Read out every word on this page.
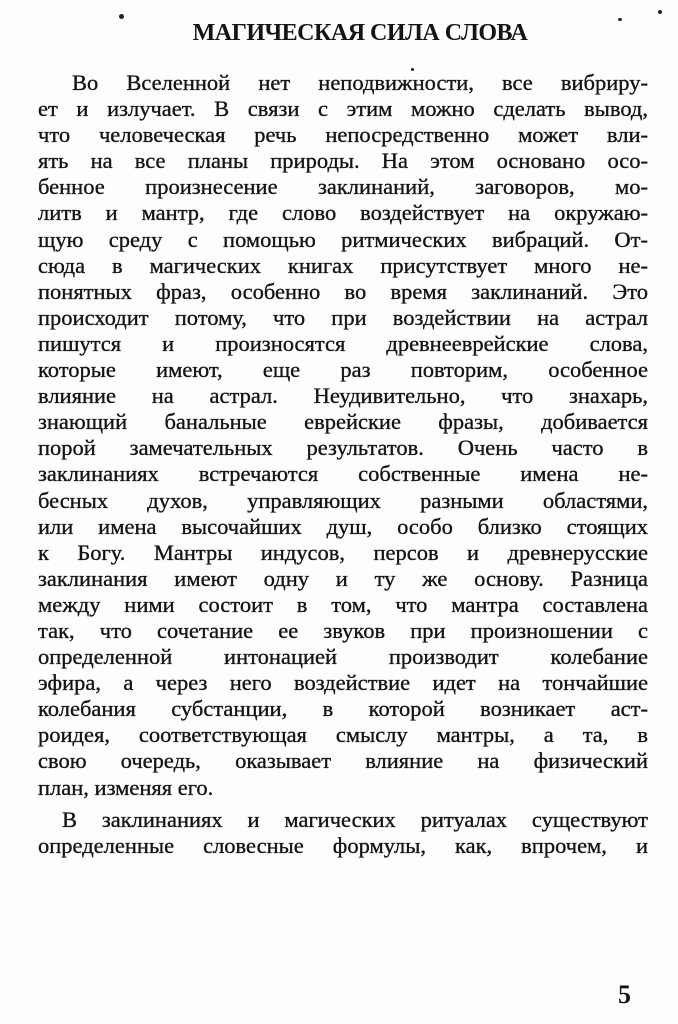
МАГИЧЕСКАЯ СИЛА СЛОВА
Во Вселенной нет неподвижности, все вибриру-
ет и излучает. В связи с этим можно сделать вывод,
что человеческая речь непосредственно может вли-
ять на все планы природы. На этом основано осо-
бенное произнесение заклинаний, заговоров, мо-
литв и мантр, где слово воздействует на окружаю-
щую среду с помощью ритмических вибраций. От-
сюда в магических книгах присутствует много не-
понятных фраз, особенно во время заклинаний. Это
происходит потому, что при воздействии на астрал
пишутся и произносятся древнееврейские слова,
которые имеют, еще раз повторим, особенное
влияние на астрал. Неудивительно, что знахарь,
знающий банальные еврейские фразы, добивается
порой замечательных результатов. Очень часто в
заклинаниях встречаются собственные имена не-
бесных духов, управляющих разными областями,
или имена высочайших душ, особо близко стоящих
к Богу. Мантры индусов, персов и древнерусские
заклинания имеют одну и ту же основу. Разница
между ними состоит в том, что мантра составлена
так, что сочетание ее звуков при произношении с
определенной интонацией производит колебание
эфира, а через него воздействие идет на тончайшие
колебания субстанции, в которой возникает аст-
роидея, соответствующая смыслу мантры, а та, в
свою очередь, оказывает влияние на физический
план, изменяя его.
В заклинаниях и магических ритуалах существуют
определенные словесные формулы, как, впрочем, и
5
